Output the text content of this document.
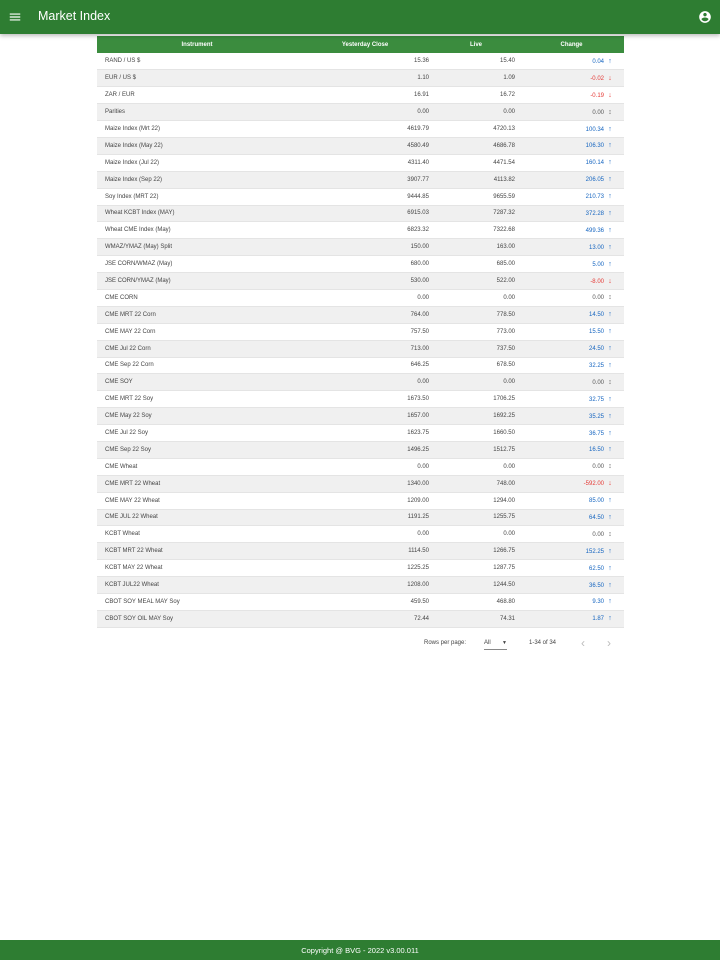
Market Index
Instrument	Yesterday Close	Live	Change
RAND / US $	15.36	15.40	0.04 ↑
EUR / US $	1.10	1.09	-0.02 ↓
ZAR / EUR	16.91	16.72	-0.19 ↓
Parities	0.00	0.00	0.00 ↕
Maize Index (Mrt 22)	4619.79	4720.13	100.34 ↑
Maize Index (May 22)	4580.49	4686.78	106.30 ↑
Maize Index (Jul 22)	4311.40	4471.54	160.14 ↑
Maize Index (Sep 22)	3907.77	4113.82	206.05 ↑
Soy Index (MRT 22)	9444.85	9655.59	210.73 ↑
Wheat KCBT Index (MAY)	6915.03	7287.32	372.28 ↑
Wheat CME Index (May)	6823.32	7322.68	499.36 ↑
WMAZ/YMAZ (May) Split	150.00	163.00	13.00 ↑
JSE CORN/WMAZ (May)	680.00	685.00	5.00 ↑
JSE CORN/YMAZ (May)	530.00	522.00	-8.00 ↓
CME CORN	0.00	0.00	0.00 ↕
CME MRT 22 Corn	764.00	778.50	14.50 ↑
CME MAY 22 Corn	757.50	773.00	15.50 ↑
CME Jul 22 Corn	713.00	737.50	24.50 ↑
CME Sep 22 Corn	646.25	678.50	32.25 ↑
CME SOY	0.00	0.00	0.00 ↕
CME MRT 22 Soy	1673.50	1706.25	32.75 ↑
CME May 22 Soy	1657.00	1692.25	35.25 ↑
CME Jul 22 Soy	1623.75	1660.50	36.75 ↑
CME Sep 22 Soy	1496.25	1512.75	16.50 ↑
CME Wheat	0.00	0.00	0.00 ↕
CME MRT 22 Wheat	1340.00	748.00	-592.00 ↓
CME MAY 22 Wheat	1209.00	1294.00	85.00 ↑
CME JUL 22 Wheat	1191.25	1255.75	64.50 ↑
KCBT Wheat	0.00	0.00	0.00 ↕
KCBT MRT 22 Wheat	1114.50	1266.75	152.25 ↑
KCBT MAY 22 Wheat	1225.25	1287.75	62.50 ↑
KCBT JUL22 Wheat	1208.00	1244.50	36.50 ↑
CBOT SOY MEAL MAY Soy	459.50	468.80	9.30 ↑
CBOT SOY OIL MAY Soy	72.44	74.31	1.87 ↑
Rows per page:	All ▼	1-34 of 34 ‹ ›
Copyright @ BVG - 2022 v3.00.011
